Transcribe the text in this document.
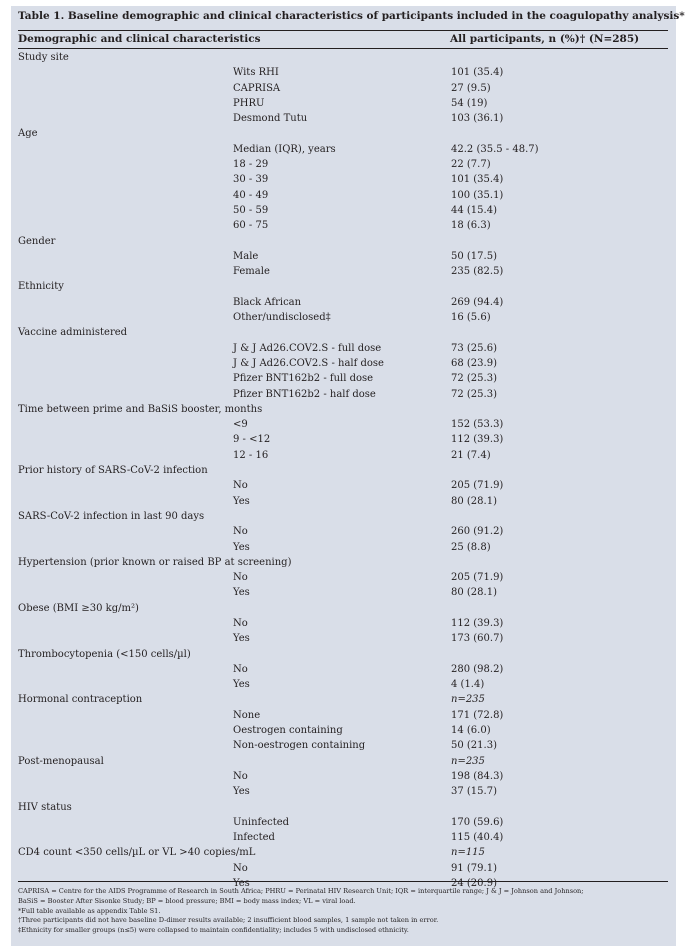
Table 1. Baseline demographic and clinical characteristics of participants included in the coagulopathy analysis*
Demographic and clinical characteristics	All participants, n (%)† (N=285)
Study site
Wits RHI	101 (35.4)
CAPRISA	27 (9.5)
PHRU	54 (19)
Desmond Tutu	103 (36.1)
Age
Median (IQR), years	42.2 (35.5 - 48.7)
18 - 29	22 (7.7)
30 - 39	101 (35.4)
40 - 49	100 (35.1)
50 - 59	44 (15.4)
60 - 75	18 (6.3)
Gender
Male	50 (17.5)
Female	235 (82.5)
Ethnicity
Black African	269 (94.4)
Other/undisclosed‡	16 (5.6)
Vaccine administered
J & J Ad26.COV2.S - full dose	73 (25.6)
J & J Ad26.COV2.S - half dose	68 (23.9)
Pfizer BNT162b2 - full dose	72 (25.3)
Pfizer BNT162b2 - half dose	72 (25.3)
Time between prime and BaSiS booster, months
<9	152 (53.3)
9 - <12	112 (39.3)
12 - 16	21 (7.4)
Prior history of SARS-CoV-2 infection
No	205 (71.9)
Yes	80 (28.1)
SARS-CoV-2 infection in last 90 days
No	260 (91.2)
Yes	25 (8.8)
Hypertension (prior known or raised BP at screening)
No	205 (71.9)
Yes	80 (28.1)
Obese (BMI ≥30 kg/m²)
No	112 (39.3)
Yes	173 (60.7)
Thrombocytopenia (<150 cells/µl)
No	280 (98.2)
Yes	4 (1.4)
Hormonal contraception	n=235
None	171 (72.8)
Oestrogen containing	14 (6.0)
Non-oestrogen containing	50 (21.3)
Post-menopausal	n=235
No	198 (84.3)
Yes	37 (15.7)
HIV status
Uninfected	170 (59.6)
Infected	115 (40.4)
CD4 count <350 cells/µL or VL >40 copies/mL	n=115
No	91 (79.1)
Yes	24 (20.9)
CAPRISA = Centre for the AIDS Programme of Research in South Africa; PHRU = Perinatal HIV Research Unit; IQR = interquartile range; J & J = Johnson and Johnson;
BaSiS = Booster After Sisonke Study; BP = blood pressure; BMI = body mass index; VL = viral load.
*Full table available as appendix Table S1.
†Three participants did not have baseline D-dimer results available; 2 insufficient blood samples, 1 sample not taken in error.
‡Ethnicity for smaller groups (n≤5) were collapsed to maintain confidentiality; includes 5 with undisclosed ethnicity.
